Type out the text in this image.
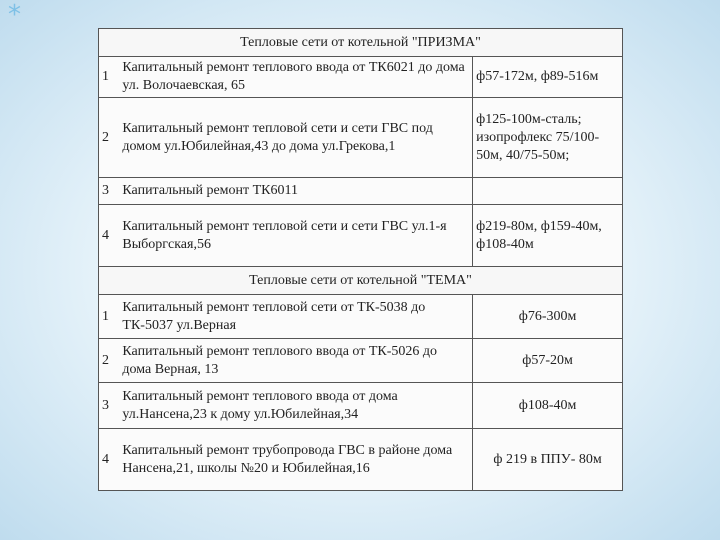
*
Тепловые сети от котельной "ПРИЗМА"		
1	Капитальный ремонт теплового ввода от ТК6021 до дома ул. Волочаевская, 65	ф57-172м, ф89-516м
2	Капитальный ремонт тепловой сети и сети ГВС под домом ул.Юбилейная,43 до дома ул.Грекова,1	ф125-100м-сталь; изопрофлекс 75/100-50м, 40/75-50м;
3	Капитальный ремонт ТК6011	
4	Капитальный ремонт тепловой сети и сети ГВС ул.1-я Выборгская,56	ф219-80м, ф159-40м, ф108-40м
Тепловые сети от котельной "ТЕМА"		
1	Капитальный ремонт тепловой сети от ТК-5038 до ТК-5037 ул.Верная	ф76-300м
2	Капитальный ремонт теплового ввода от ТК-5026 до дома Верная, 13	ф57-20м
3	Капитальный ремонт теплового ввода от дома ул.Нансена,23 к дому ул.Юбилейная,34	ф108-40м
4	Капитальный ремонт трубопровода ГВС в районе дома Нансена,21, школы №20 и Юбилейная,16	ф 219 в ППУ- 80м
